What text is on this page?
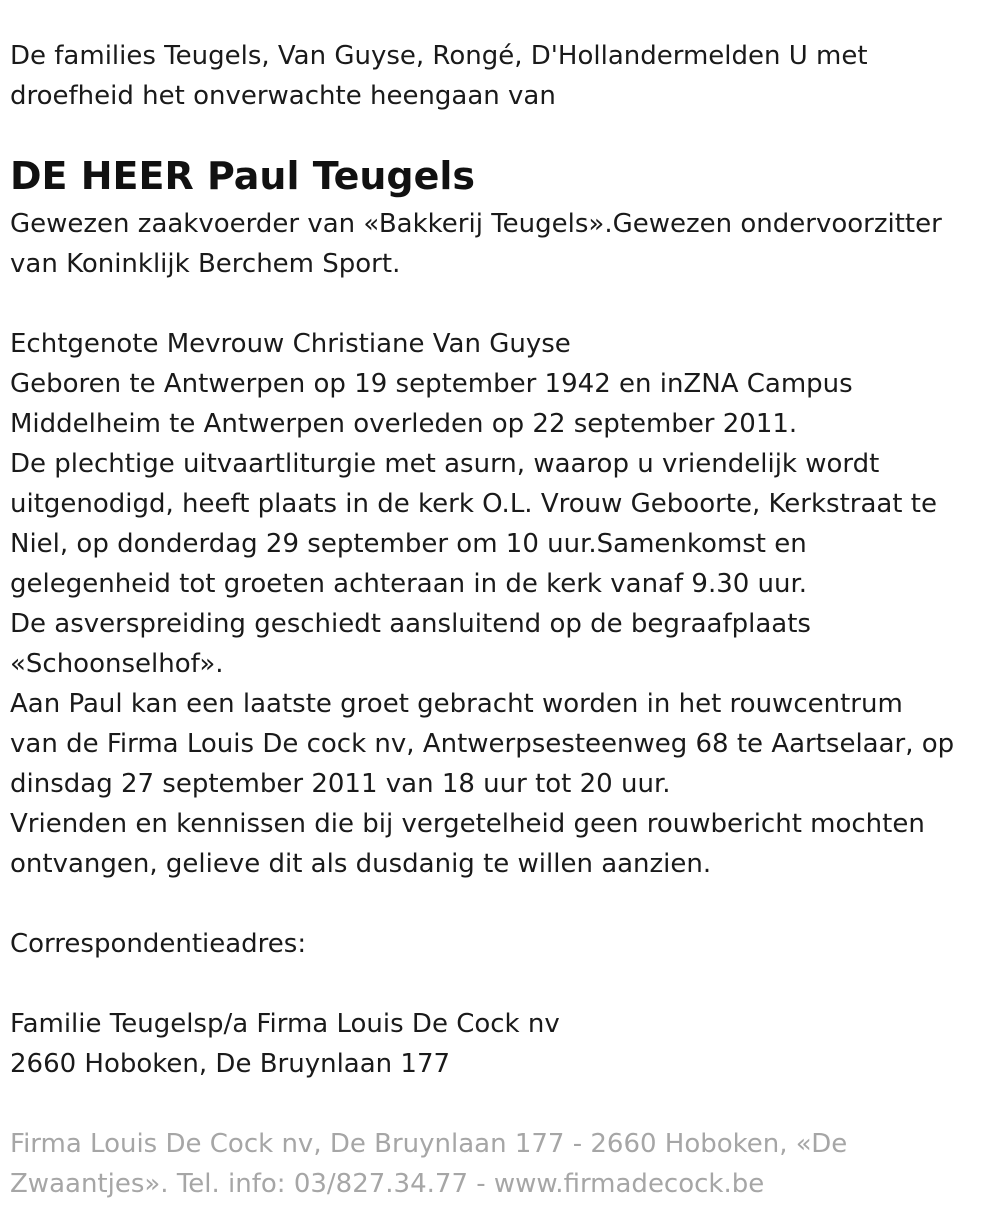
De families Teugels, Van Guyse, Rongé, D'Hollandermelden U met
droefheid het onverwachte heengaan van
DE HEER Paul Teugels
Gewezen zaakvoerder van «Bakkerij Teugels».Gewezen ondervoorzitter
van Koninklijk Berchem Sport.
Echtgenote Mevrouw Christiane Van Guyse
Geboren te Antwerpen op 19 september 1942 en inZNA Campus
Middelheim te Antwerpen overleden op 22 september 2011.
De plechtige uitvaartliturgie met asurn, waarop u vriendelijk wordt
uitgenodigd, heeft plaats in de kerk O.L. Vrouw Geboorte, Kerkstraat te
Niel, op donderdag 29 september om 10 uur.Samenkomst en
gelegenheid tot groeten achteraan in de kerk vanaf 9.30 uur.
De asverspreiding geschiedt aansluitend op de begraafplaats
«Schoonselhof».
Aan Paul kan een laatste groet gebracht worden in het rouwcentrum
van de Firma Louis De cock nv, Antwerpsesteenweg 68 te Aartselaar, op
dinsdag 27 september 2011 van 18 uur tot 20 uur.
Vrienden en kennissen die bij vergetelheid geen rouwbericht mochten
ontvangen, gelieve dit als dusdanig te willen aanzien.
Correspondentieadres:
Familie Teugelsp/a Firma Louis De Cock nv
2660 Hoboken, De Bruynlaan 177
Firma Louis De Cock nv, De Bruynlaan 177 - 2660 Hoboken, «De
Zwaantjes». Tel. info: 03/827.34.77 - www.firmadecock.be
